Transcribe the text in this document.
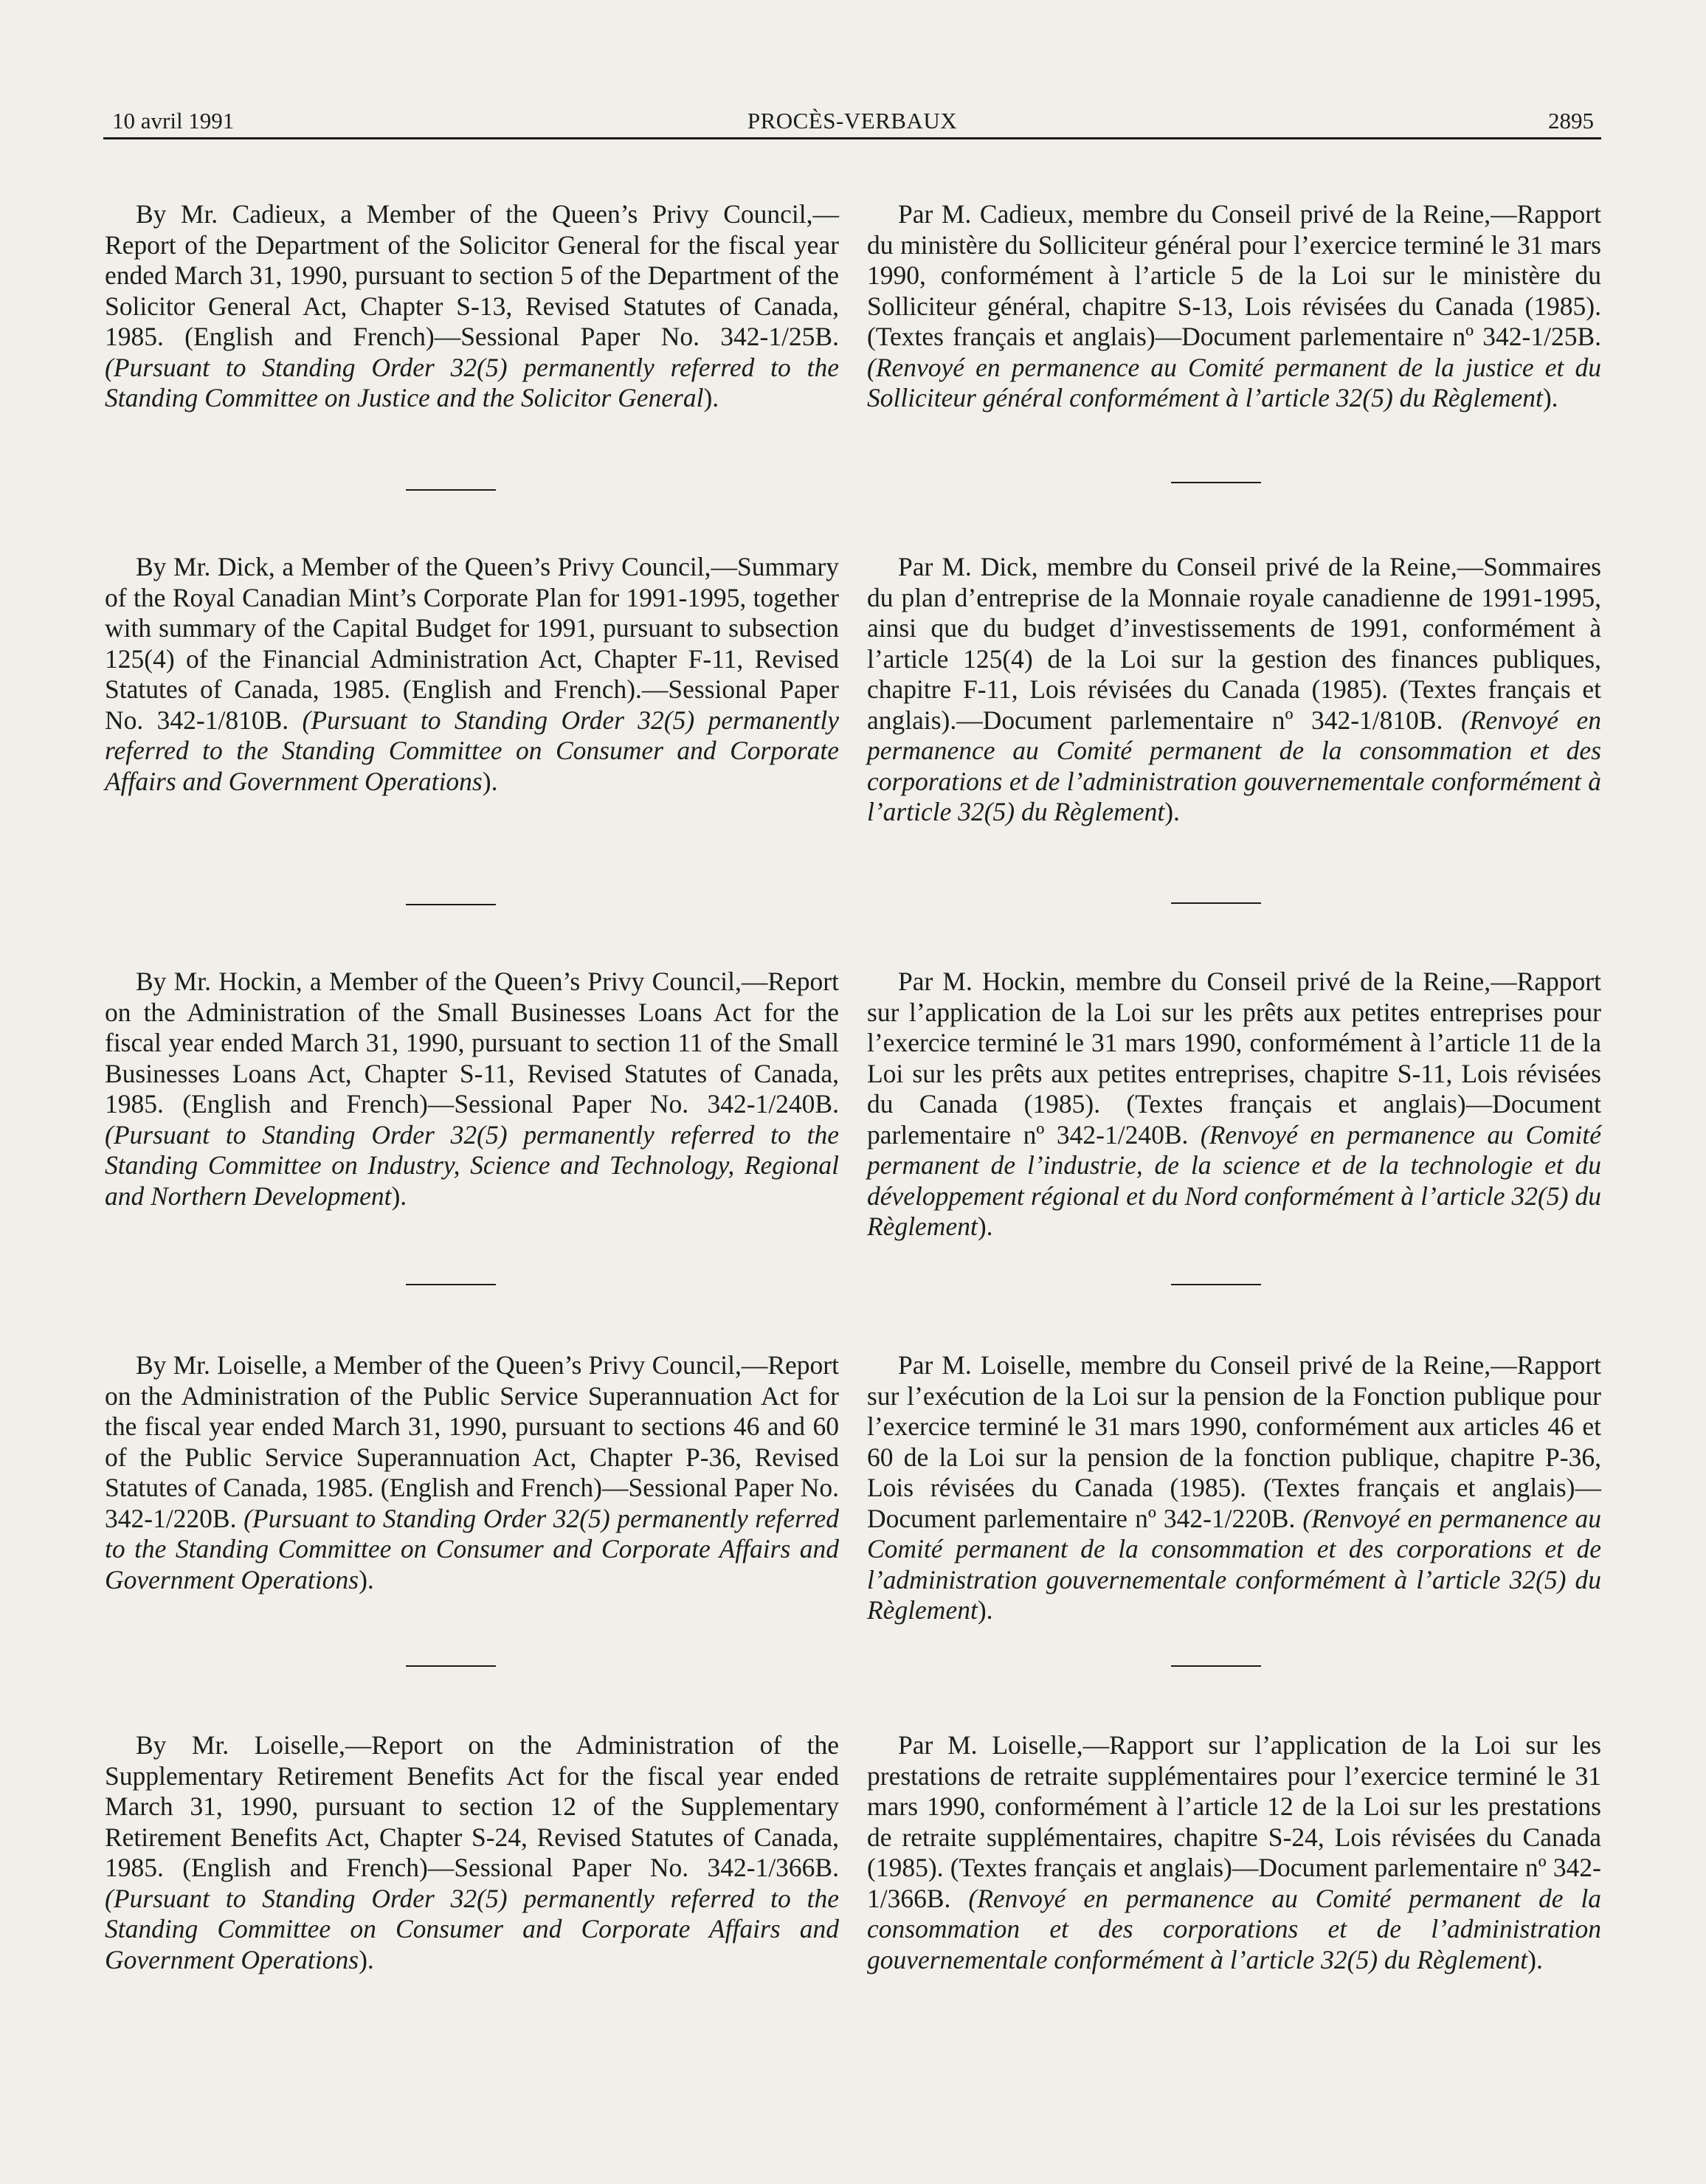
10 avril 1991	PROCÈS-VERBAUX	2895

By Mr. Cadieux, a Member of the Queen’s Privy Council,—Report of the Department of the Solicitor General for the fiscal year ended March 31, 1990, pursuant to section 5 of the Department of the Solicitor General Act, Chapter S-13, Revised Statutes of Canada, 1985. (English and French)—Sessional Paper No. 342-1/25B. (Pursuant to Standing Order 32(5) permanently referred to the Standing Committee on Justice and the Solicitor General).

By Mr. Dick, a Member of the Queen’s Privy Council,—Summary of the Royal Canadian Mint’s Corporate Plan for 1991-1995, together with summary of the Capital Budget for 1991, pursuant to subsection 125(4) of the Financial Administration Act, Chapter F-11, Revised Statutes of Canada, 1985. (English and French).—Sessional Paper No. 342-1/810B. (Pursuant to Standing Order 32(5) permanently referred to the Standing Committee on Consumer and Corporate Affairs and Government Operations).

By Mr. Hockin, a Member of the Queen’s Privy Council,—Report on the Administration of the Small Businesses Loans Act for the fiscal year ended March 31, 1990, pursuant to section 11 of the Small Businesses Loans Act, Chapter S-11, Revised Statutes of Canada, 1985. (English and French)—Sessional Paper No. 342-1/240B. (Pursuant to Standing Order 32(5) permanently referred to the Standing Committee on Industry, Science and Technology, Regional and Northern Development).

By Mr. Loiselle, a Member of the Queen’s Privy Council,—Report on the Administration of the Public Service Superannuation Act for the fiscal year ended March 31, 1990, pursuant to sections 46 and 60 of the Public Service Superannuation Act, Chapter P-36, Revised Statutes of Canada, 1985. (English and French)—Sessional Paper No. 342-1/220B. (Pursuant to Standing Order 32(5) permanently referred to the Standing Committee on Consumer and Corporate Affairs and Government Operations).

By Mr. Loiselle,—Report on the Administration of the Supplementary Retirement Benefits Act for the fiscal year ended March 31, 1990, pursuant to section 12 of the Supplementary Retirement Benefits Act, Chapter S-24, Revised Statutes of Canada, 1985. (English and French)—Sessional Paper No. 342-1/366B. (Pursuant to Standing Order 32(5) permanently referred to the Standing Committee on Consumer and Corporate Affairs and Government Operations).

Par M. Cadieux, membre du Conseil privé de la Reine,—Rapport du ministère du Solliciteur général pour l’exercice terminé le 31 mars 1990, conformément à l’article 5 de la Loi sur le ministère du Solliciteur général, chapitre S-13, Lois révisées du Canada (1985). (Textes français et anglais)—Document parlementaire nº 342-1/25B. (Renvoyé en permanence au Comité permanent de la justice et du Solliciteur général conformément à l’article 32(5) du Règlement).

Par M. Dick, membre du Conseil privé de la Reine,—Sommaires du plan d’entreprise de la Monnaie royale canadienne de 1991-1995, ainsi que du budget d’investissements de 1991, conformément à l’article 125(4) de la Loi sur la gestion des finances publiques, chapitre F-11, Lois révisées du Canada (1985). (Textes français et anglais).—Document parlementaire nº 342-1/810B. (Renvoyé en permanence au Comité permanent de la consommation et des corporations et de l’administration gouvernementale conformément à l’article 32(5) du Règlement).

Par M. Hockin, membre du Conseil privé de la Reine,—Rapport sur l’application de la Loi sur les prêts aux petites entreprises pour l’exercice terminé le 31 mars 1990, conformément à l’article 11 de la Loi sur les prêts aux petites entreprises, chapitre S-11, Lois révisées du Canada (1985). (Textes français et anglais)—Document parlementaire nº 342-1/240B. (Renvoyé en permanence au Comité permanent de l’industrie, de la science et de la technologie et du développement régional et du Nord conformément à l’article 32(5) du Règlement).

Par M. Loiselle, membre du Conseil privé de la Reine,—Rapport sur l’exécution de la Loi sur la pension de la Fonction publique pour l’exercice terminé le 31 mars 1990, conformément aux articles 46 et 60 de la Loi sur la pension de la fonction publique, chapitre P-36, Lois révisées du Canada (1985). (Textes français et anglais)—Document parlementaire nº 342-1/220B. (Renvoyé en permanence au Comité permanent de la consommation et des corporations et de l’administration gouvernementale conformément à l’article 32(5) du Règlement).

Par M. Loiselle,—Rapport sur l’application de la Loi sur les prestations de retraite supplémentaires pour l’exercice terminé le 31 mars 1990, conformément à l’article 12 de la Loi sur les prestations de retraite supplémentaires, chapitre S-24, Lois révisées du Canada (1985). (Textes français et anglais)—Document parlementaire nº 342-1/366B. (Renvoyé en permanence au Comité permanent de la consommation et des corporations et de l’administration gouvernementale conformément à l’article 32(5) du Règlement).
